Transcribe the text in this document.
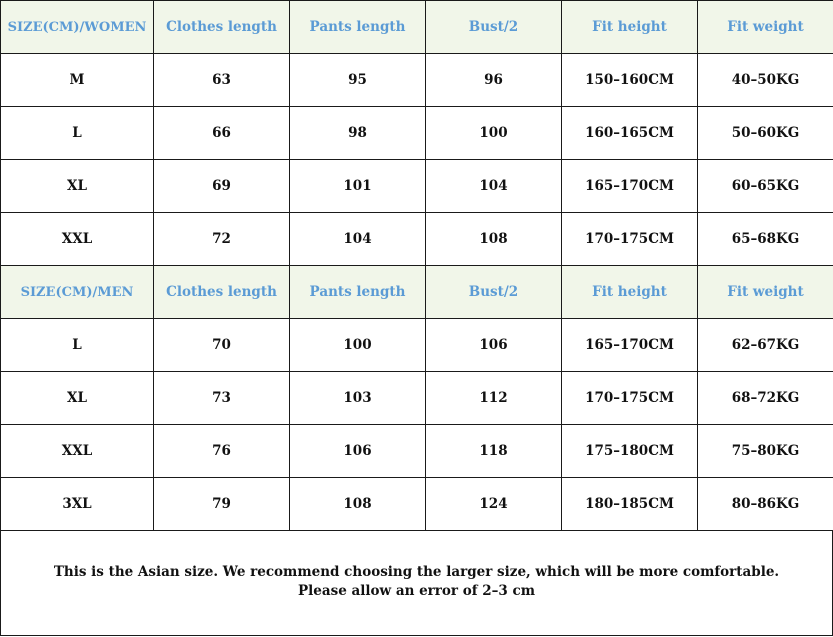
SIZE(CM)/WOMEN	Clothes length	Pants length	Bust/2	Fit height	Fit weight
M	63	95	96	150–160CM	40–50KG
L	66	98	100	160–165CM	50–60KG
XL	69	101	104	165–170CM	60–65KG
XXL	72	104	108	170–175CM	65–68KG
SIZE(CM)/MEN	Clothes length	Pants length	Bust/2	Fit height	Fit weight
L	70	100	106	165–170CM	62–67KG
XL	73	103	112	170–175CM	68–72KG
XXL	76	106	118	175–180CM	75–80KG
3XL	79	108	124	180–185CM	80–86KG
This is the Asian size. We recommend choosing the larger size, which will be more comfortable.
Please allow an error of 2–3 cm
